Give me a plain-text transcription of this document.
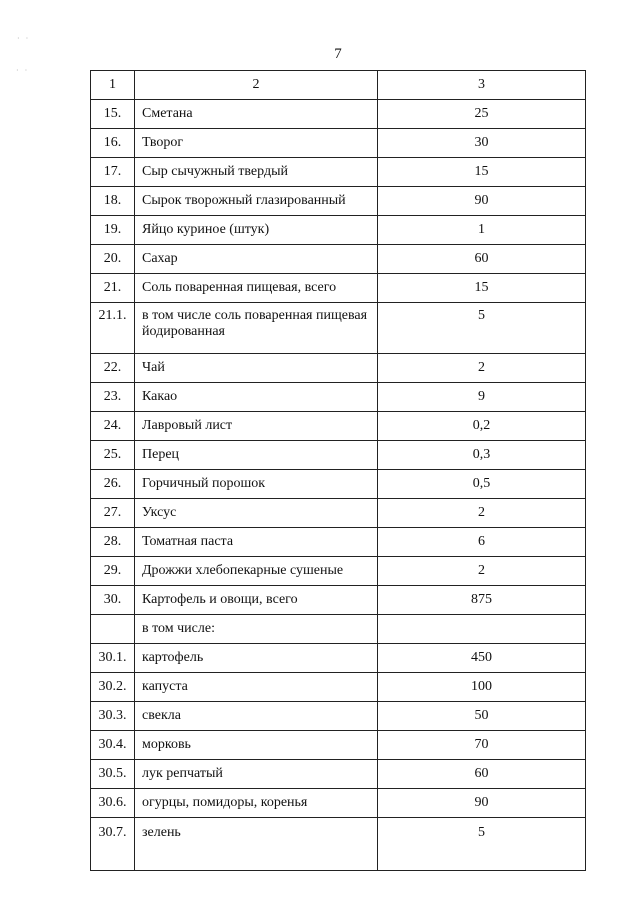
· ·
· ·
7
1	2	3
15.	Сметана	25
16.	Творог	30
17.	Сыр сычужный твердый	15
18.	Сырок творожный глазированный	90
19.	Яйцо куриное (штук)	1
20.	Сахар	60
21.	Соль поваренная пищевая, всего	15
21.1.	в том числе соль поваренная пищевая йодированная	5
22.	Чай	2
23.	Какао	9
24.	Лавровый лист	0,2
25.	Перец	0,3
26.	Горчичный порошок	0,5
27.	Уксус	2
28.	Томатная паста	6
29.	Дрожжи хлебопекарные сушеные	2
30.	Картофель и овощи, всего	875
	в том числе:	
30.1.	картофель	450
30.2.	капуста	100
30.3.	свекла	50
30.4.	морковь	70
30.5.	лук репчатый	60
30.6.	огурцы, помидоры, коренья	90
30.7.	зелень	5
